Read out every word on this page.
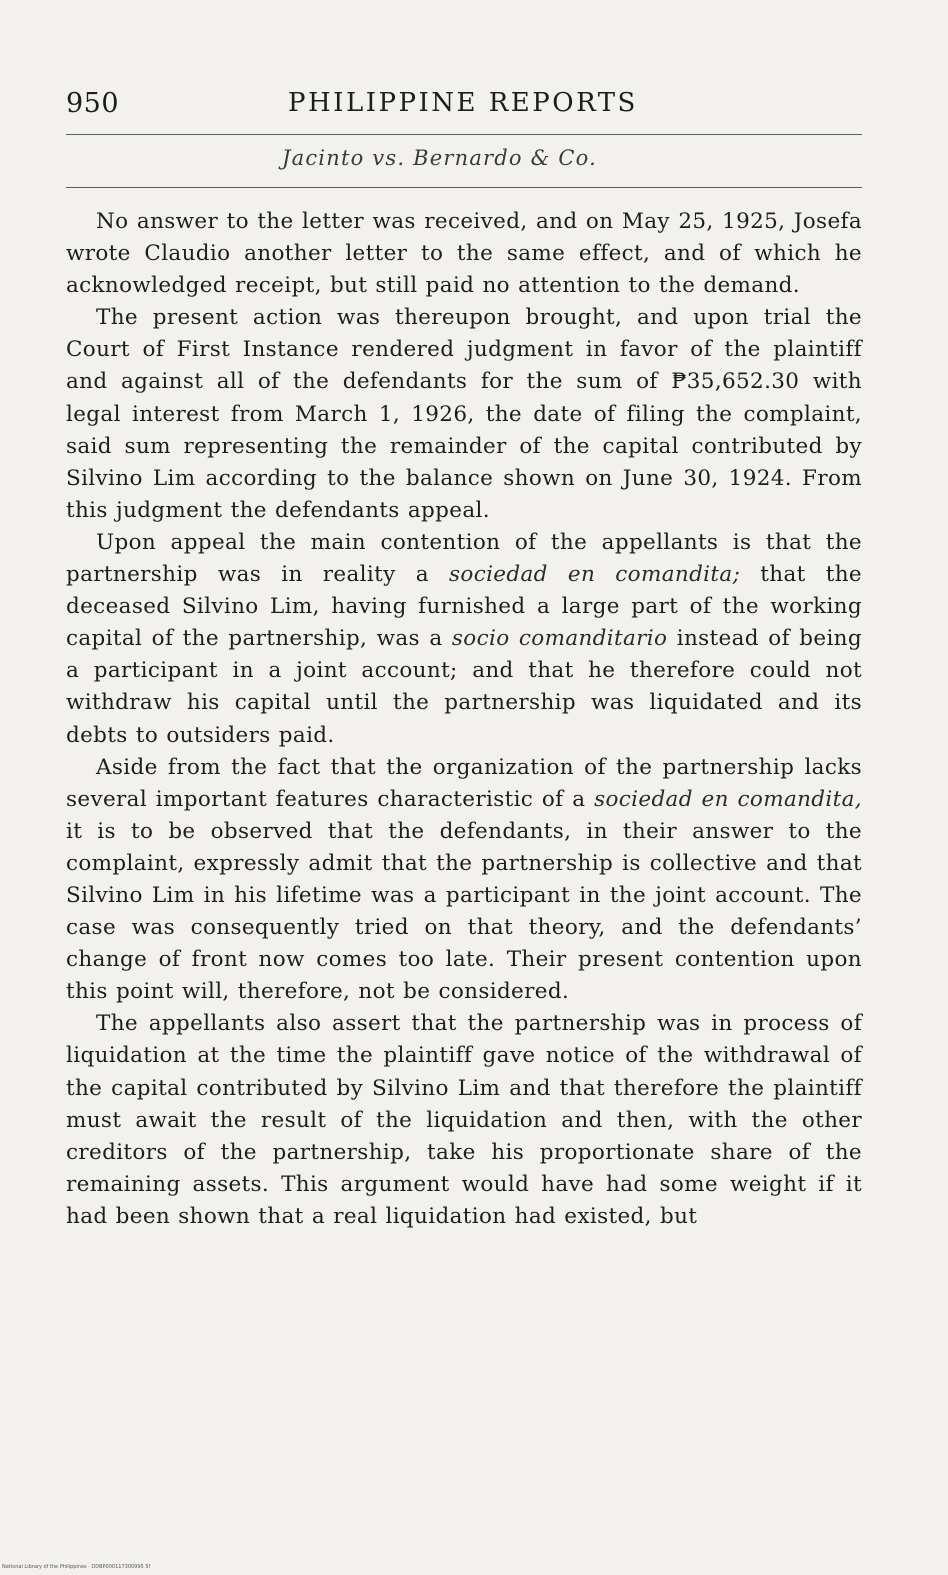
950	PHILIPPINE REPORTS
Jacinto vs. Bernardo & Co.

No answer to the letter was received, and on May 25, 1925, Josefa wrote Claudio another letter to the same effect, and of which he acknowledged receipt, but still paid no attention to the demand.

The present action was thereupon brought, and upon trial the Court of First Instance rendered judgment in favor of the plaintiff and against all of the defendants for the sum of ₱35,652.30 with legal interest from March 1, 1926, the date of filing the complaint, said sum representing the remainder of the capital contributed by Silvino Lim according to the balance shown on June 30, 1924. From this judgment the defendants appeal.

Upon appeal the main contention of the appellants is that the partnership was in reality a sociedad en comandita; that the deceased Silvino Lim, having furnished a large part of the working capital of the partnership, was a socio comanditario instead of being a participant in a joint account; and that he therefore could not withdraw his capital until the partnership was liquidated and its debts to outsiders paid.

Aside from the fact that the organization of the partnership lacks several important features characteristic of a sociedad en comandita, it is to be observed that the defendants, in their answer to the complaint, expressly admit that the partnership is collective and that Silvino Lim in his lifetime was a participant in the joint account. The case was consequently tried on that theory, and the defendants’ change of front now comes too late. Their present contention upon this point will, therefore, not be considered.

The appellants also assert that the partnership was in process of liquidation at the time the plaintiff gave notice of the withdrawal of the capital contributed by Silvino Lim and that therefore the plaintiff must await the result of the liquidation and then, with the other creditors of the partnership, take his proportionate share of the remaining assets. This argument would have had some weight if it had been shown that a real liquidation had existed, but

National Library of the Philippines · DDBP000117300995 5f
